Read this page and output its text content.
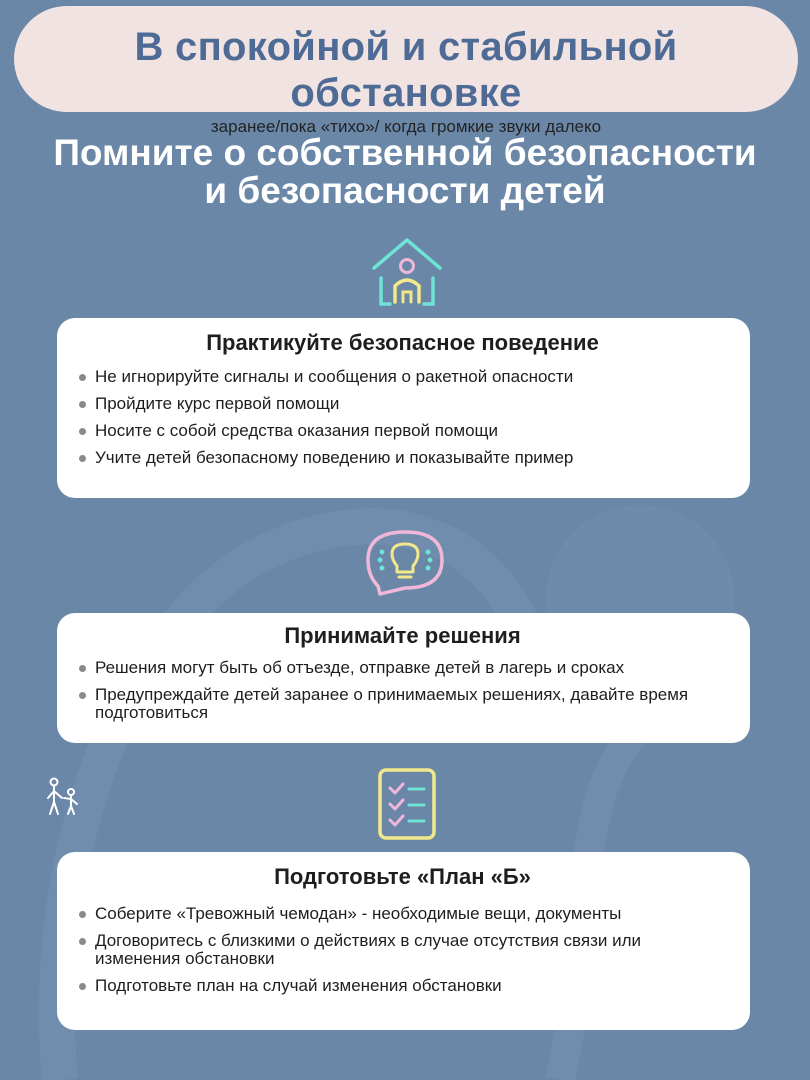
В спокойной и стабильной обстановке
заранее/пока «тихо»/ когда громкие звуки далеко
Помните о собственной безопасности
и безопасности детей
Практикуйте безопасное поведение
Не игнорируйте сигналы и сообщения о ракетной опасности
Пройдите курс первой помощи
Носите с собой средства оказания первой помощи
Учите детей безопасному поведению и показывайте пример
Принимайте решения
Решения могут быть об отъезде, отправке детей в лагерь и сроках
Предупреждайте детей заранее о принимаемых решениях, давайте время подготовиться
Подготовьте «План «Б»
Соберите «Тревожный чемодан» - необходимые вещи, документы
Договоритесь с близкими о действиях в случае отсутствия связи или изменения обстановки
Подготовьте план на случай изменения обстановки
